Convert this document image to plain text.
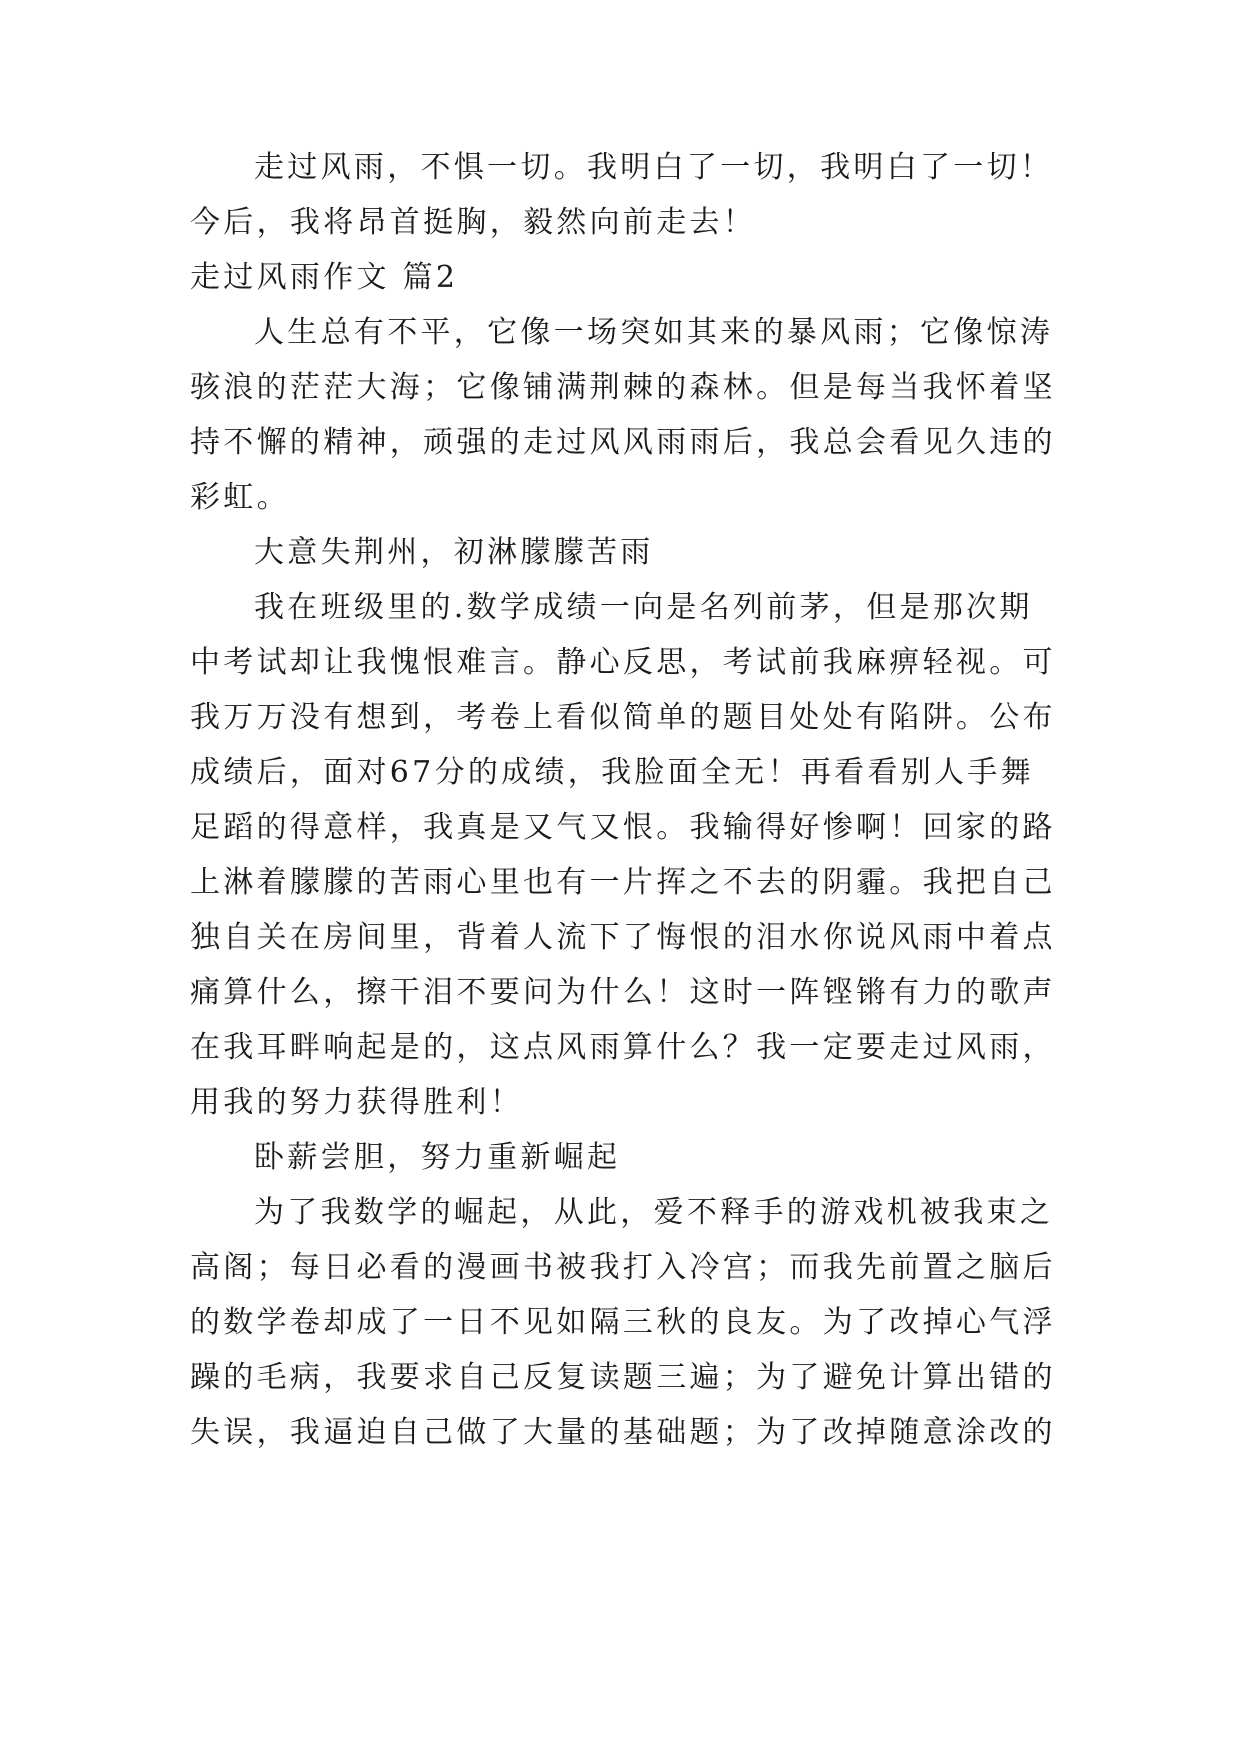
走过风雨，不惧一切。我明白了一切，我明白了一切！
今后，我将昂首挺胸，毅然向前走去！
走过风雨作文 篇2
人生总有不平，它像一场突如其来的暴风雨；它像惊涛
骇浪的茫茫大海；它像铺满荆棘的森林。但是每当我怀着坚
持不懈的精神，顽强的走过风风雨雨后，我总会看见久违的
彩虹。
大意失荆州，初淋朦朦苦雨
我在班级里的.数学成绩一向是名列前茅，但是那次期
中考试却让我愧恨难言。静心反思，考试前我麻痹轻视。可
我万万没有想到，考卷上看似简单的题目处处有陷阱。公布
成绩后，面对67分的成绩，我脸面全无！再看看别人手舞
足蹈的得意样，我真是又气又恨。我输得好惨啊！回家的路
上淋着朦朦的苦雨心里也有一片挥之不去的阴霾。我把自己
独自关在房间里，背着人流下了悔恨的泪水你说风雨中着点
痛算什么，擦干泪不要问为什么！这时一阵铿锵有力的歌声
在我耳畔响起是的，这点风雨算什么？我一定要走过风雨，
用我的努力获得胜利！
卧薪尝胆，努力重新崛起
为了我数学的崛起，从此，爱不释手的游戏机被我束之
高阁；每日必看的漫画书被我打入冷宫；而我先前置之脑后
的数学卷却成了一日不见如隔三秋的良友。为了改掉心气浮
躁的毛病，我要求自己反复读题三遍；为了避免计算出错的
失误，我逼迫自己做了大量的基础题；为了改掉随意涂改的
